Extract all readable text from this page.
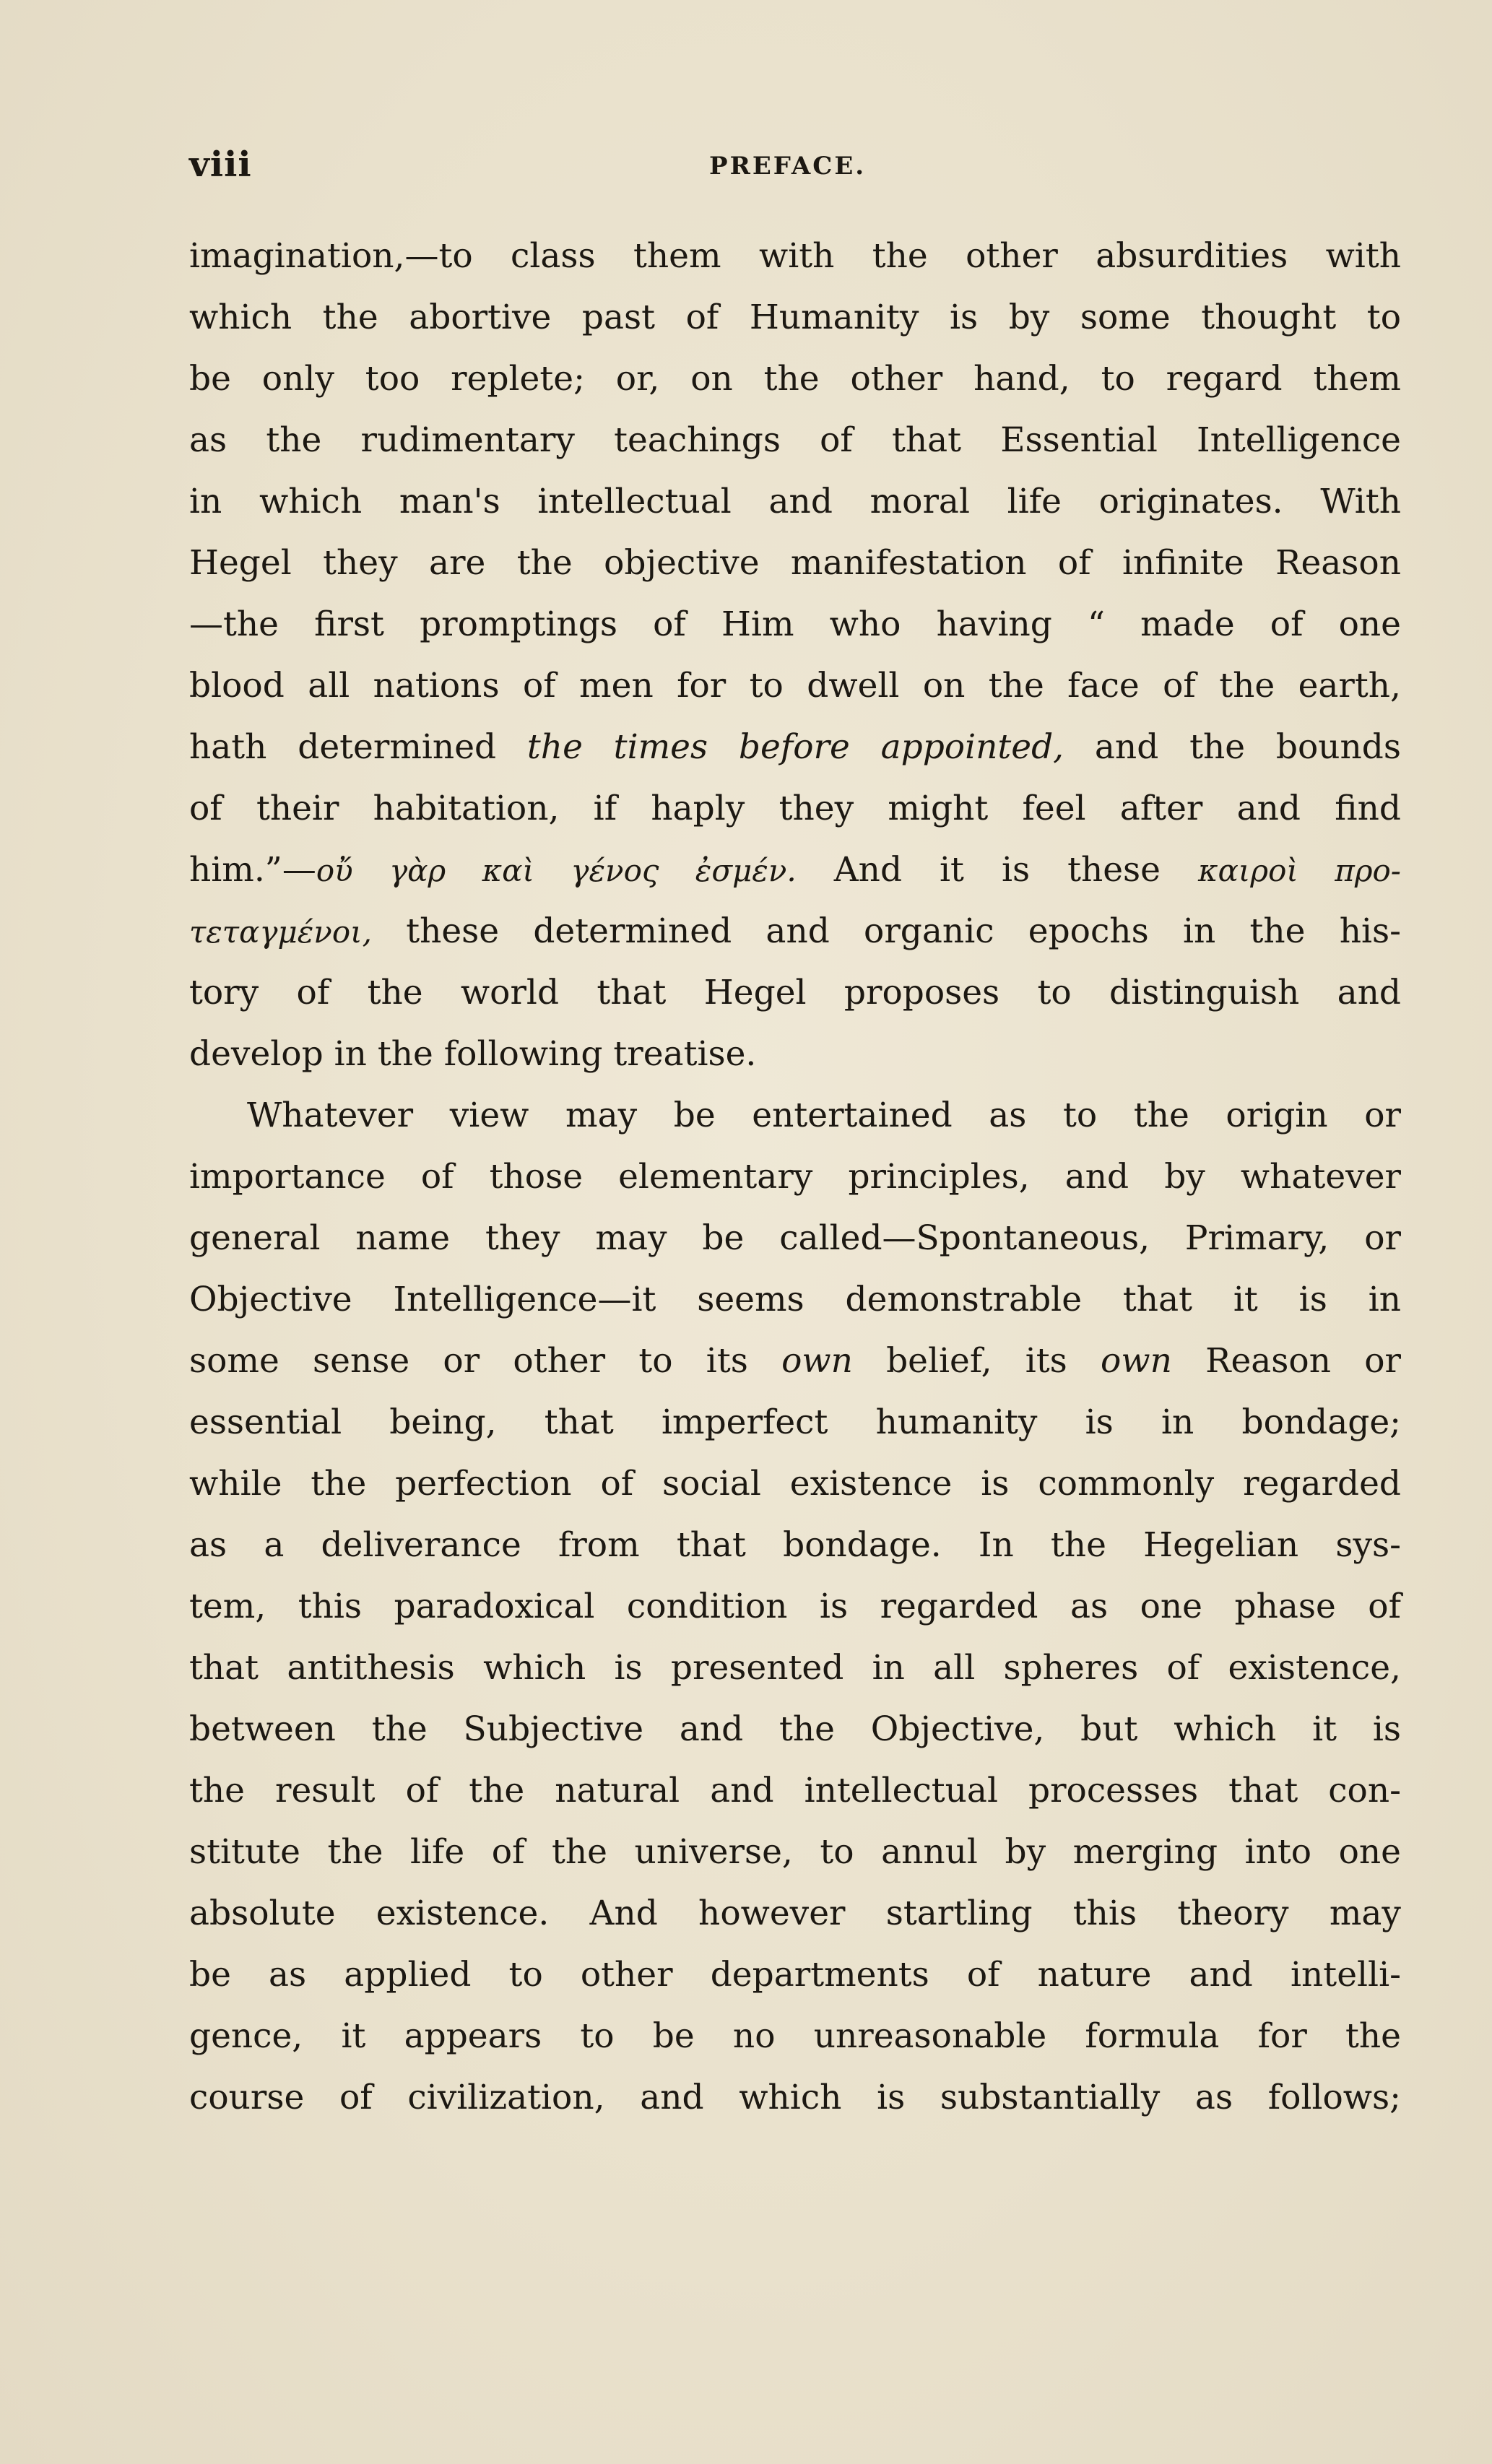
viii	PREFACE.
imagination,—to class them with the other absurdities with
which the abortive past of Humanity is by some thought to
be only too replete; or, on the other hand, to regard them
as the rudimentary teachings of that Essential Intelligence
in which man's intellectual and moral life originates. With
Hegel they are the objective manifestation of infinite Reason
—the first promptings of Him who having “ made of one
blood all nations of men for to dwell on the face of the earth,
hath determined the times before appointed, and the bounds
of their habitation, if haply they might feel after and find
him.”—οὔ γὰρ καὶ γένος ἐσμέν. And it is these καιροὶ προ-
τεταγμένοι, these determined and organic epochs in the his-
tory of the world that Hegel proposes to distinguish and
develop in the following treatise.
Whatever view may be entertained as to the origin or
importance of those elementary principles, and by whatever
general name they may be called—Spontaneous, Primary, or
Objective Intelligence—it seems demonstrable that it is in
some sense or other to its own belief, its own Reason or
essential being, that imperfect humanity is in bondage;
while the perfection of social existence is commonly regarded
as a deliverance from that bondage. In the Hegelian sys-
tem, this paradoxical condition is regarded as one phase of
that antithesis which is presented in all spheres of existence,
between the Subjective and the Objective, but which it is
the result of the natural and intellectual processes that con-
stitute the life of the universe, to annul by merging into one
absolute existence. And however startling this theory may
be as applied to other departments of nature and intelli-
gence, it appears to be no unreasonable formula for the
course of civilization, and which is substantially as follows;
